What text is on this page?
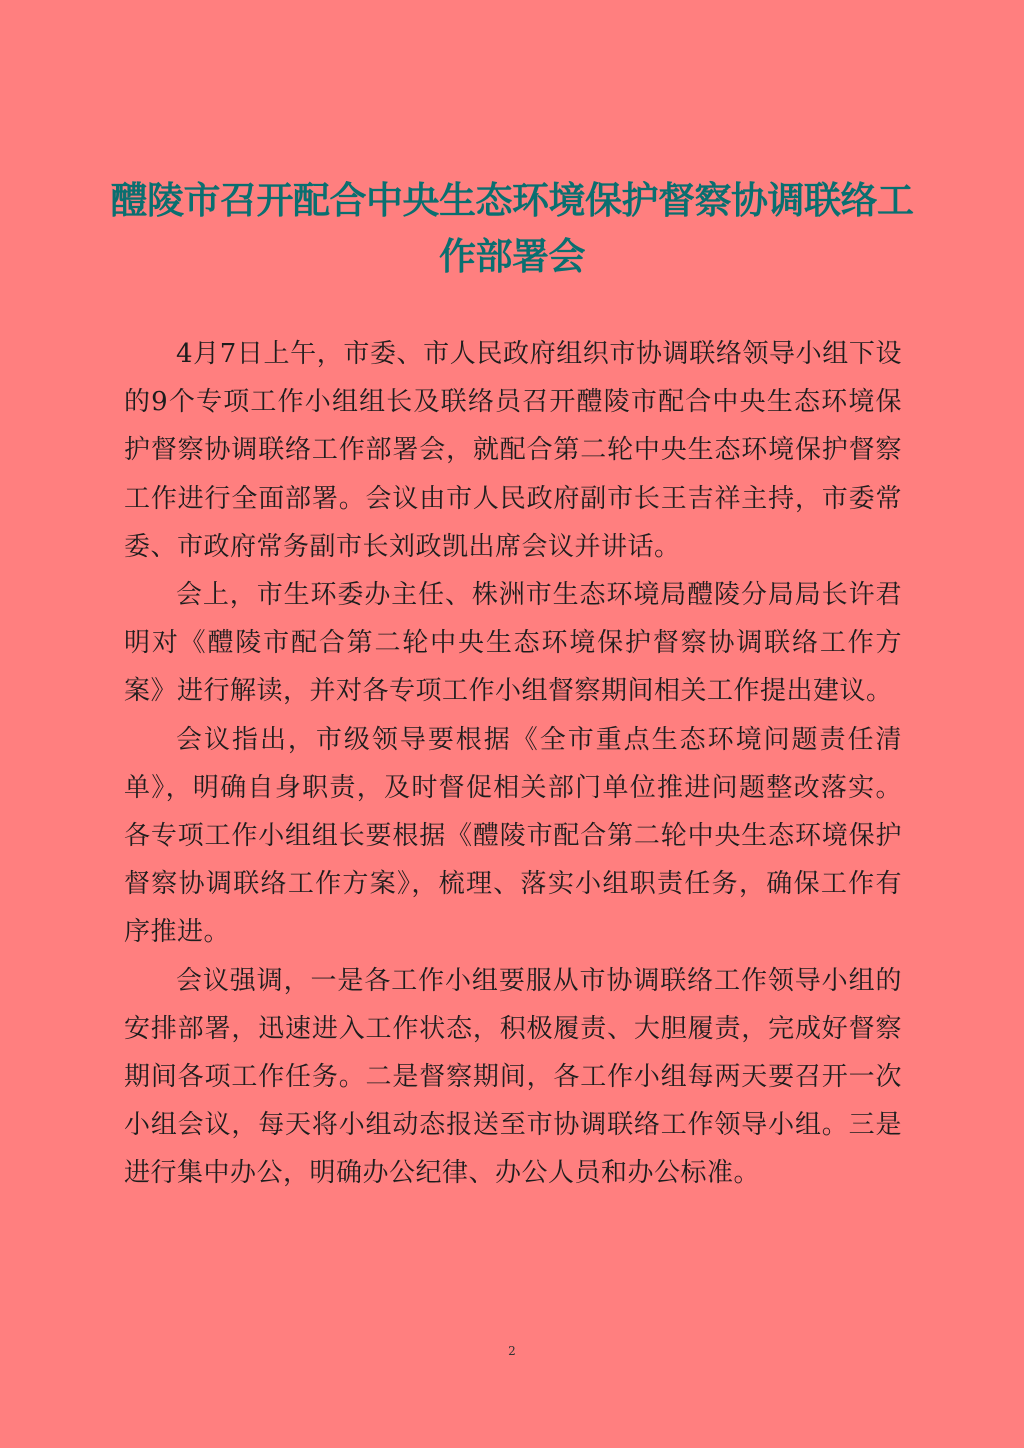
醴陵市召开配合中央生态环境保护督察协调联络工作部署会

4月7日上午，市委、市人民政府组织市协调联络领导小组下设的9个专项工作小组组长及联络员召开醴陵市配合中央生态环境保护督察协调联络工作部署会，就配合第二轮中央生态环境保护督察工作进行全面部署。会议由市人民政府副市长王吉祥主持，市委常委、市政府常务副市长刘政凯出席会议并讲话。

会上，市生环委办主任、株洲市生态环境局醴陵分局局长许君明对《醴陵市配合第二轮中央生态环境保护督察协调联络工作方案》进行解读，并对各专项工作小组督察期间相关工作提出建议。

会议指出，市级领导要根据《全市重点生态环境问题责任清单》，明确自身职责，及时督促相关部门单位推进问题整改落实。各专项工作小组组长要根据《醴陵市配合第二轮中央生态环境保护督察协调联络工作方案》，梳理、落实小组职责任务，确保工作有序推进。

会议强调，一是各工作小组要服从市协调联络工作领导小组的安排部署，迅速进入工作状态，积极履责、大胆履责，完成好督察期间各项工作任务。二是督察期间，各工作小组每两天要召开一次小组会议，每天将小组动态报送至市协调联络工作领导小组。三是进行集中办公，明确办公纪律、办公人员和办公标准。

2
